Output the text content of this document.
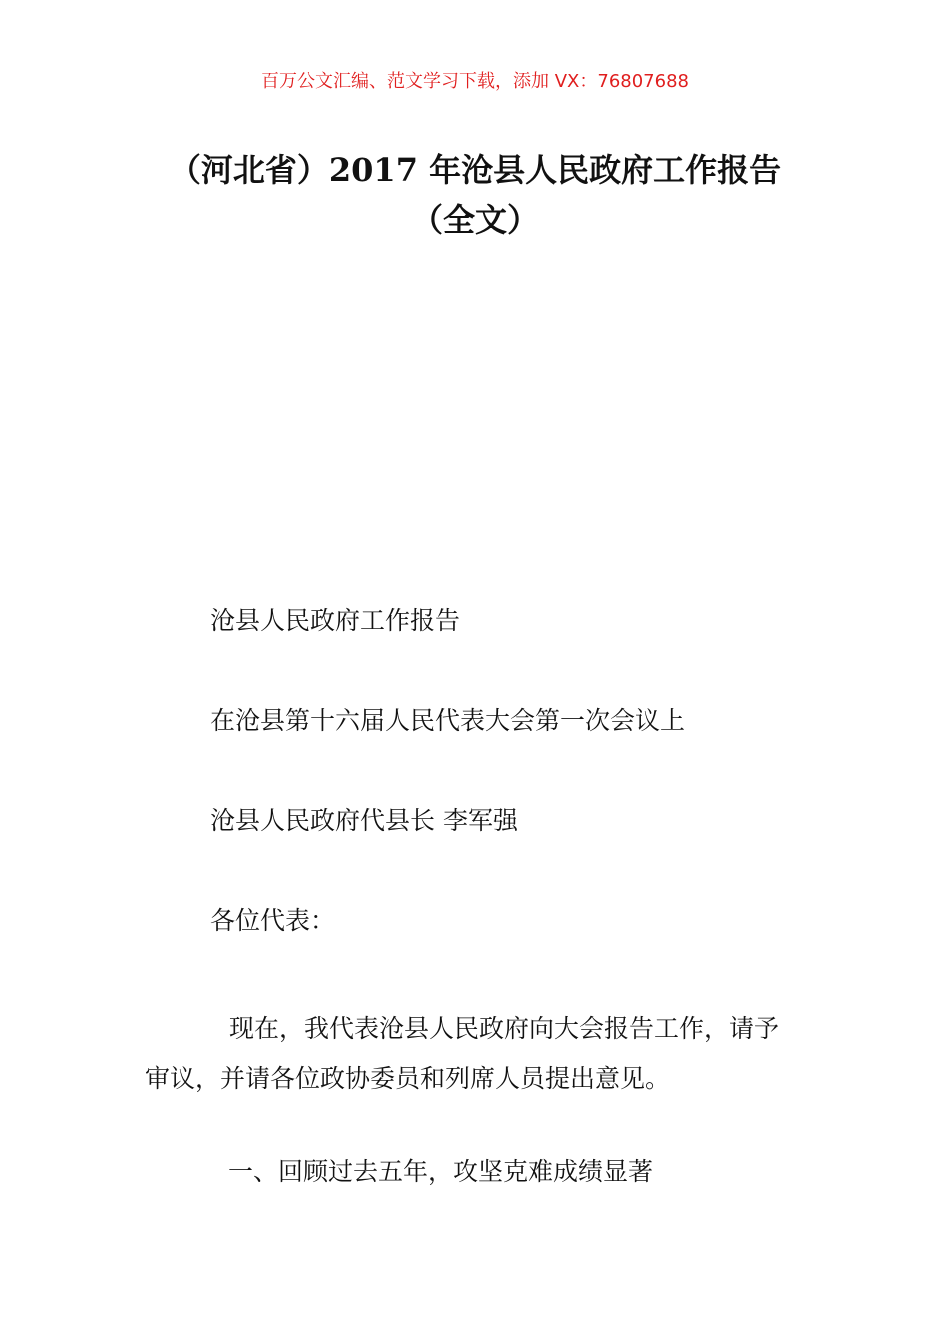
百万公文汇编、范文学习下载，添加 VX：76807688
（河北省）2017 年沧县人民政府工作报告
（全文）
沧县人民政府工作报告
在沧县第十六届人民代表大会第一次会议上
沧县人民政府代县长 李军强
各位代表：
现在，我代表沧县人民政府向大会报告工作，请予
审议，并请各位政协委员和列席人员提出意见。
一、回顾过去五年，攻坚克难成绩显著
